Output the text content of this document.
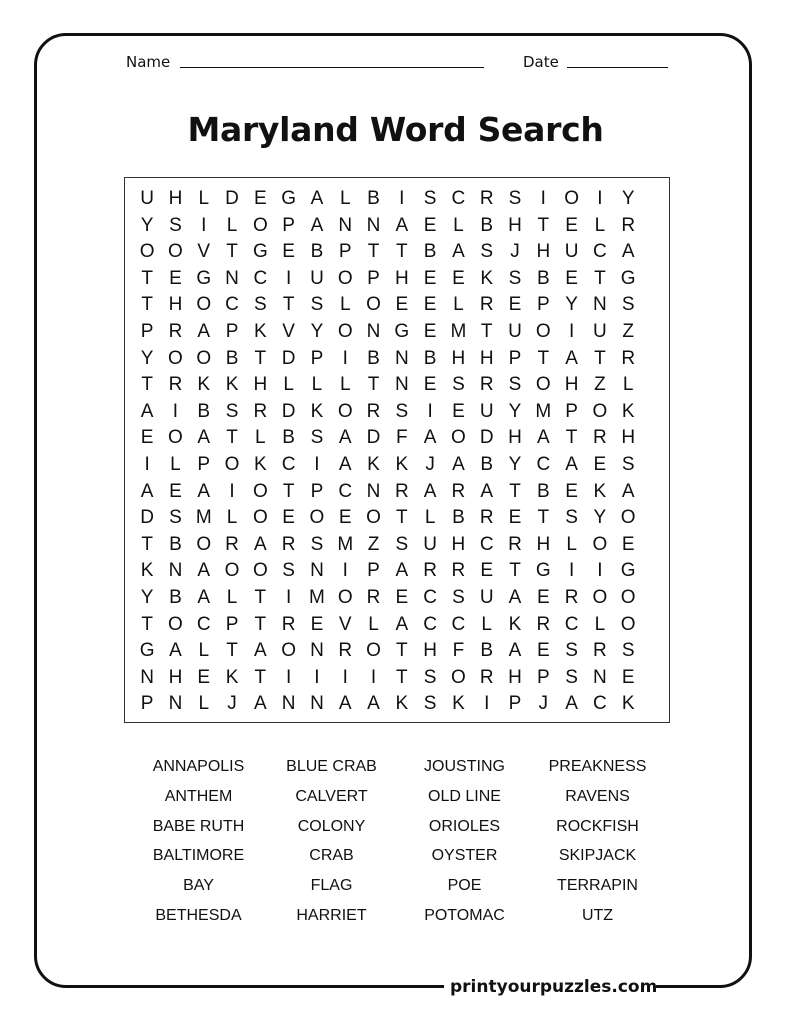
Name	Date
Maryland Word Search
U H L D E G A L B	I	S C R S	I O I	Y
Y S	I	L O P A N N A E L B H T E L R
O O V T G E B P T T B A S J H U C A
T E G N C I U O P H E E K S B E T G
T H O C S T S L O E E L R E P Y N S
P R A P K V Y O N G E M T U O I U Z
Y O O B T D P	I	B N B H H P T A T R
T R K K H L L L T N E S R S O H Z L
A	I	B S R D K O R S	I	E U Y M P O K
E O A T L B S A D F A O D H A T R H
I	L P O K C I	A K K J A B Y C A E S
A E A	I O T P C N R A R A T B E K A
D S M L O E O E O T L B R E T S Y O
T B O R A R S M Z S U H C R H L O E
K N A O O S N I	P A R R E T G I	I G
Y B A L T	I M O R E C S U A E R O O
T O C P T R E V L A C C L K R C L O
G A L T A O N R O T H F B A E S R S
N H E K T	I	I	I	I	T S O R H P S N E
P N L J A N N A A K S K	I	P J A C K
ANNAPOLIS	BLUE CRAB	JOUSTING	PREAKNESS
ANTHEM	CALVERT	OLD LINE	RAVENS
BABE RUTH	COLONY	ORIOLES	ROCKFISH
BALTIMORE	CRAB	OYSTER	SKIPJACK
BAY	FLAG	POE	TERRAPIN
BETHESDA	HARRIET	POTOMAC	UTZ
printyourpuzzles.com
